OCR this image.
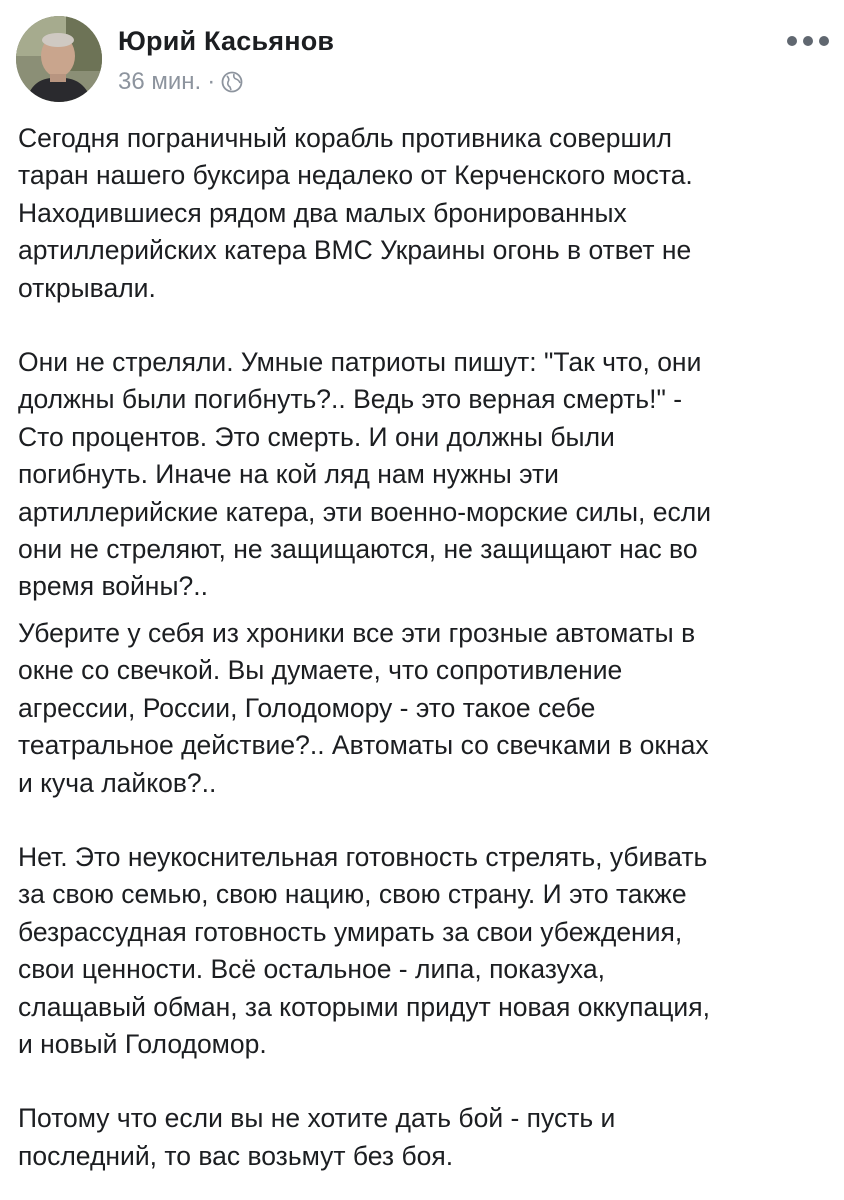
Юрий Касьянов
36 мин. ·

Сегодня пограничный корабль противника совершил
таран нашего буксира недалеко от Керченского моста.
Находившиеся рядом два малых бронированных
артиллерийских катера ВМС Украины огонь в ответ не
открывали.

Они не стреляли. Умные патриоты пишут: "Так что, они
должны были погибнуть?.. Ведь это верная смерть!" -
Сто процентов. Это смерть. И они должны были
погибнуть. Иначе на кой ляд нам нужны эти
артиллерийские катера, эти военно-морские силы, если
они не стреляют, не защищаются, не защищают нас во
время войны?..

Уберите у себя из хроники все эти грозные автоматы в
окне со свечкой. Вы думаете, что сопротивление
агрессии, России, Голодомору - это такое себе
театральное действие?.. Автоматы со свечками в окнах
и куча лайков?..

Нет. Это неукоснительная готовность стрелять, убивать
за свою семью, свою нацию, свою страну. И это также
безрассудная готовность умирать за свои убеждения,
свои ценности. Всё остальное - липа, показуха,
слащавый обман, за которыми придут новая оккупация,
и новый Голодомор.

Потому что если вы не хотите дать бой - пусть и
последний, то вас возьмут без боя.
